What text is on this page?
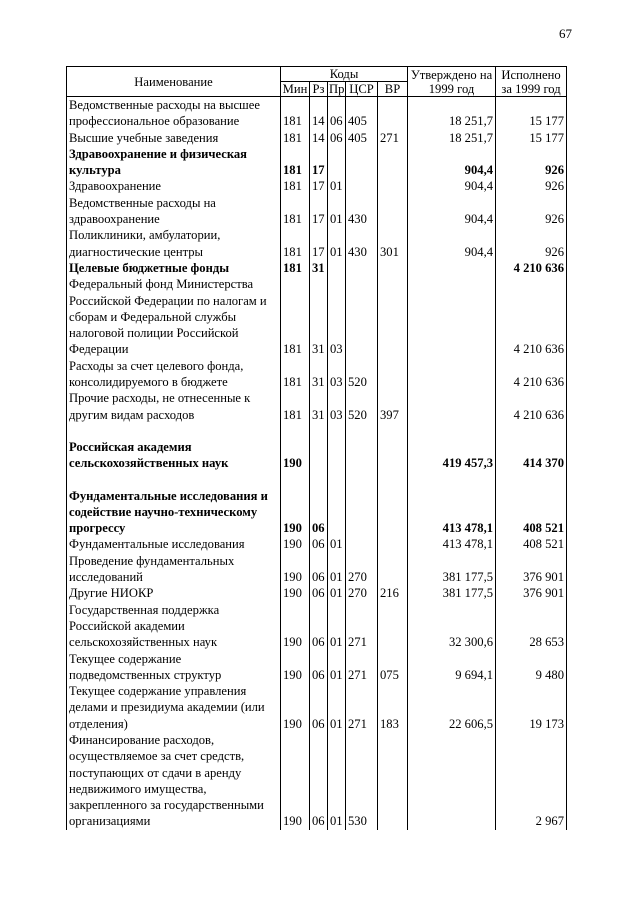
67
Наименование	Коды					Утверждено на 1999 год	Исполнено за 1999 год
	Мин	Рз	Пр	ЦСР	ВР		
Ведомственные расходы на высшее профессиональное образование	181	14	06	405		18 251,7	15 177
Высшие учебные заведения	181	14	06	405	271	18 251,7	15 177
Здравоохранение и физическая культура	181	17				904,4	926
Здравоохранение	181	17	01			904,4	926
Ведомственные расходы на здравоохранение	181	17	01	430		904,4	926
Поликлиники, амбулатории, диагностические центры	181	17	01	430	301	904,4	926
Целевые бюджетные фонды	181	31					4 210 636
Федеральный фонд Министерства Российской Федерации по налогам и сборам и Федеральной службы налоговой полиции Российской Федерации	181	31	03				4 210 636
Расходы за счет целевого фонда, консолидируемого в бюджете	181	31	03	520			4 210 636
Прочие расходы, не отнесенные к другим видам расходов	181	31	03	520	397		4 210 636

Российская академия сельскохозяйственных наук	190					419 457,3	414 370

Фундаментальные исследования и содействие научно-техническому прогрессу	190	06				413 478,1	408 521
Фундаментальные исследования	190	06	01			413 478,1	408 521
Проведение фундаментальных исследований	190	06	01	270		381 177,5	376 901
Другие НИОКР	190	06	01	270	216	381 177,5	376 901
Государственная поддержка Российской академии сельскохозяйственных наук	190	06	01	271		32 300,6	28 653
Текущее содержание подведомственных структур	190	06	01	271	075	9 694,1	9 480
Текущее содержание управления делами и президиума академии (или отделения)	190	06	01	271	183	22 606,5	19 173
Финансирование расходов, осуществляемое за счет средств, поступающих от сдачи в аренду недвижимого имущества, закрепленного за государственными организациями	190	06	01	530			2 967
